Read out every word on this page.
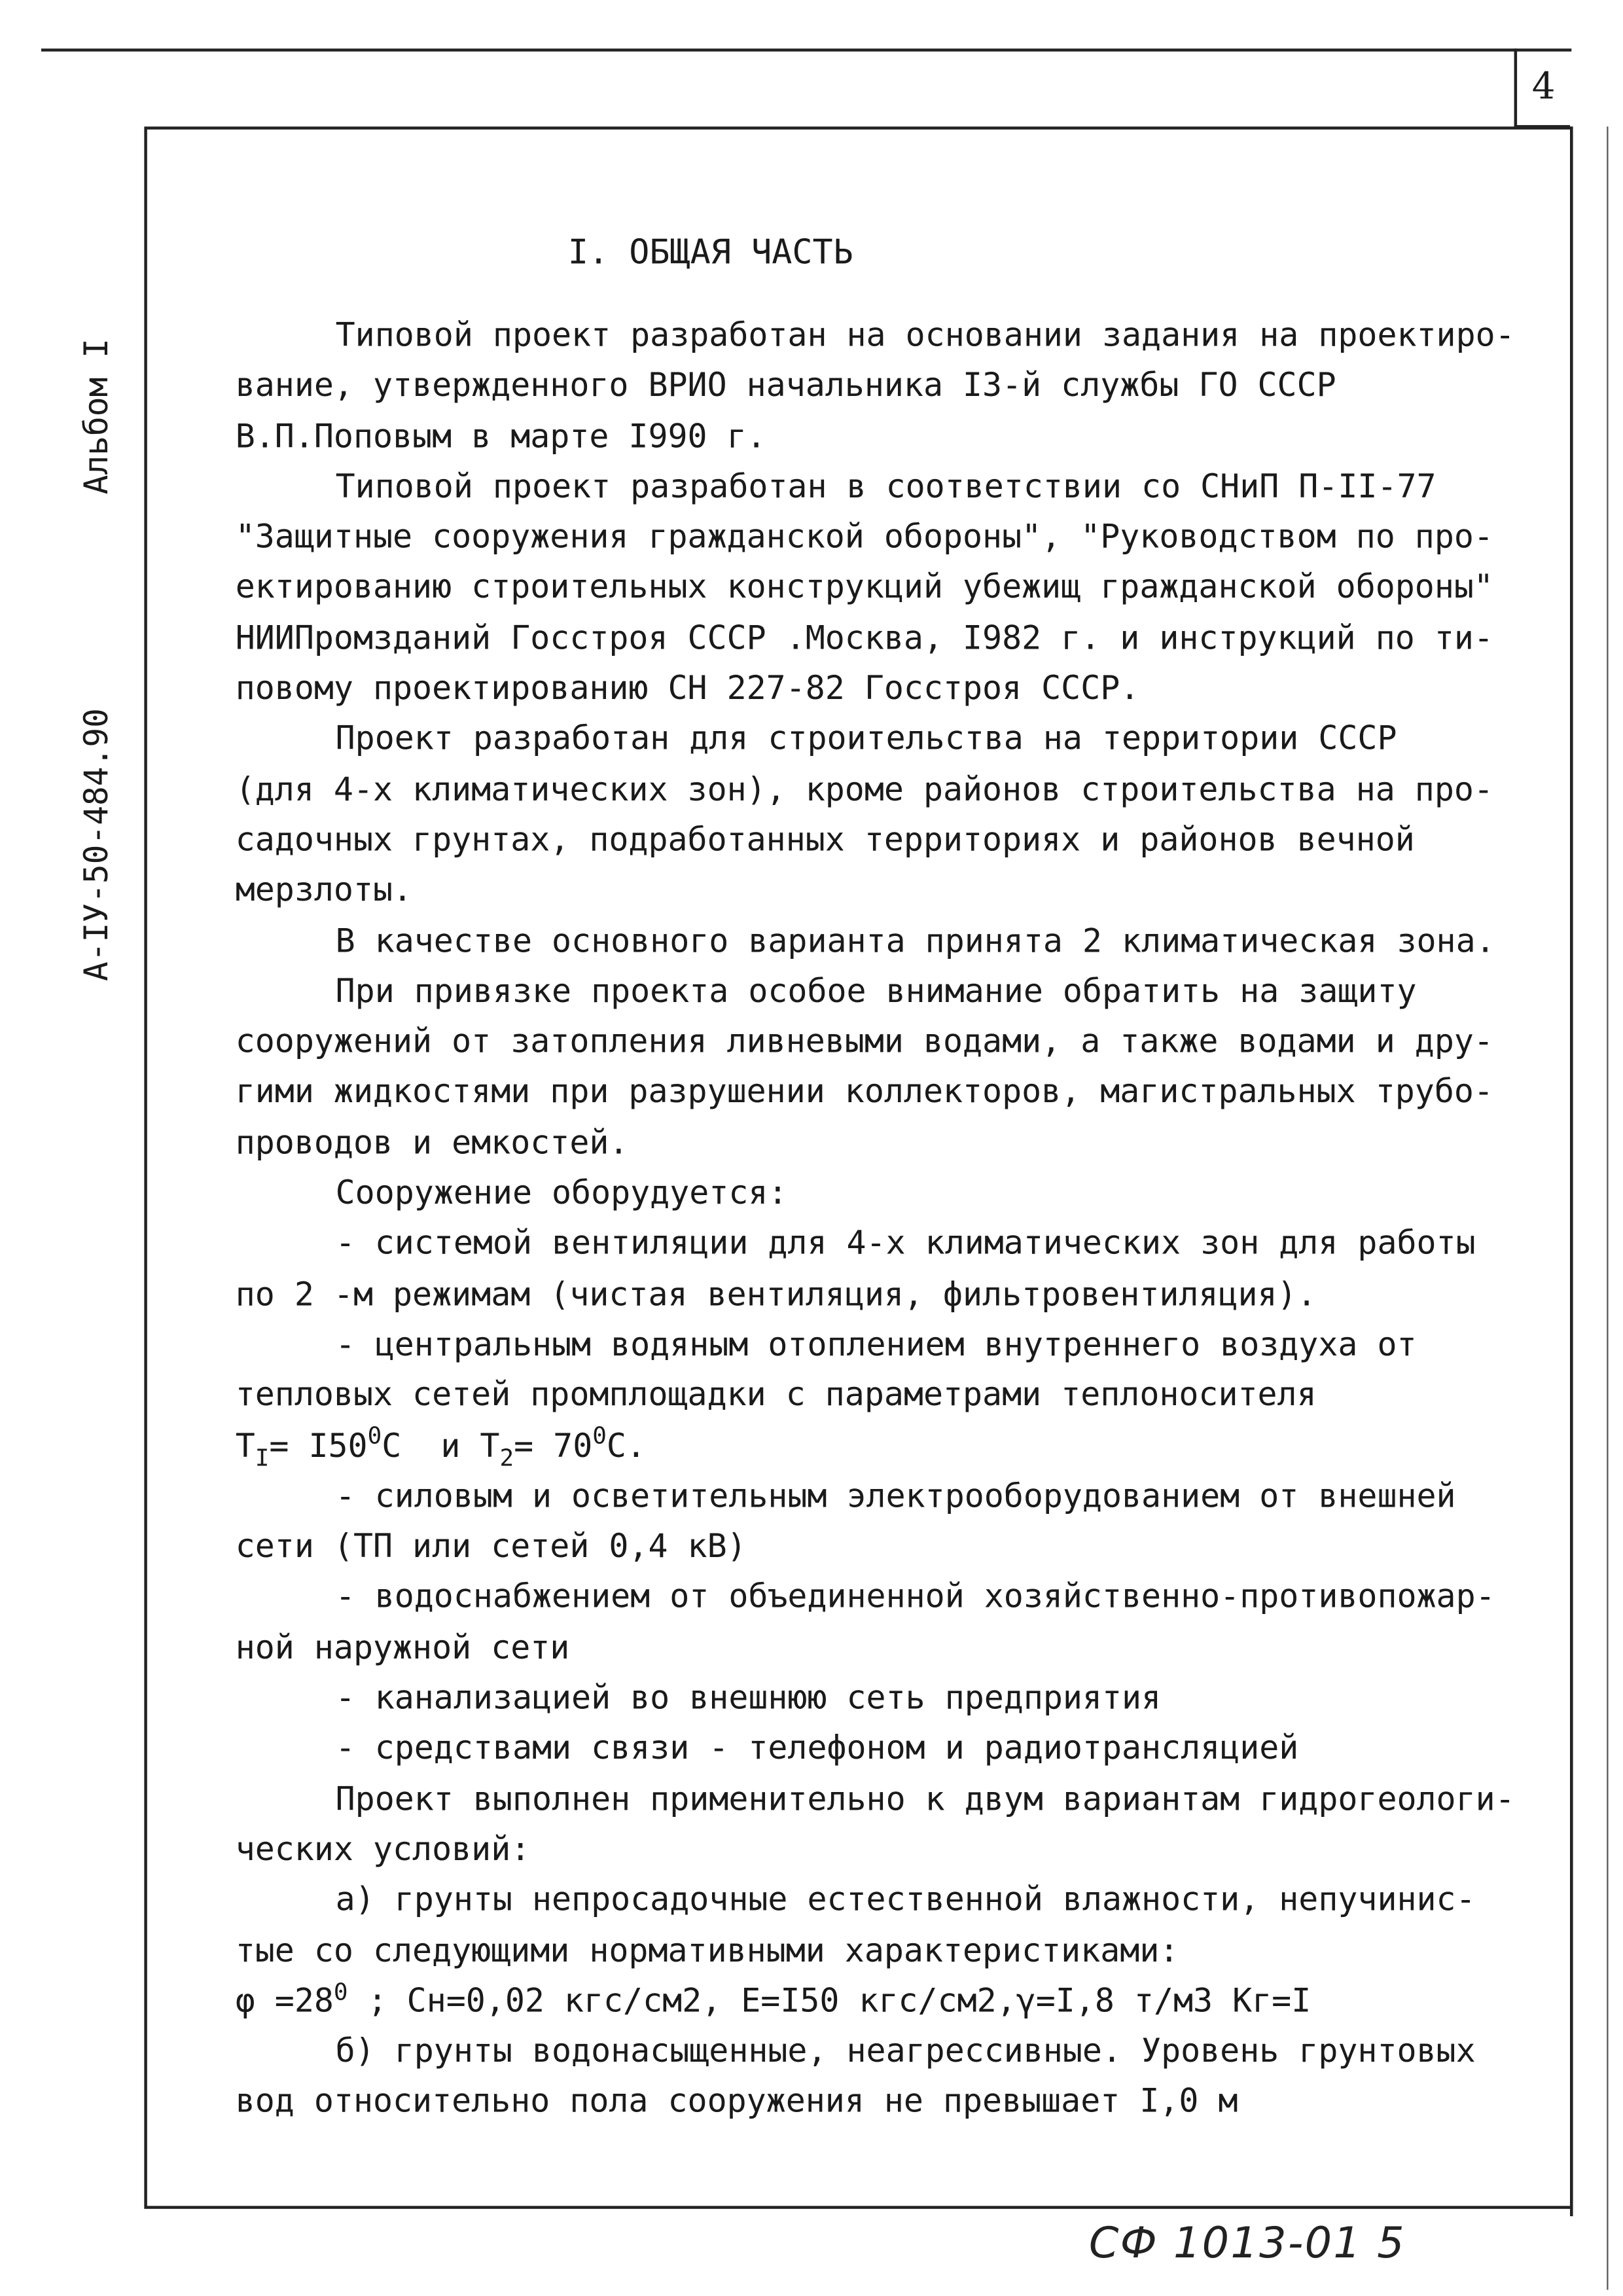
4
Альбом I
А-IУ-50-484.90
I. ОБЩАЯ ЧАСТЬ
Типовой проект разработан на основании задания на проектиро-
вание, утвержденного ВРИО начальника I3-й службы ГО СССР
В.П.Поповым в марте I990 г.
Типовой проект разработан в соответствии со СНиП П-II-77
"Защитные сооружения гражданской обороны", "Руководством по про-
ектированию строительных конструкций убежищ гражданской обороны"
НИИПромзданий Госстроя СССР .Москва, I982 г. и инструкций по ти-
повому проектированию СН 227-82 Госстроя СССР.
Проект разработан для строительства на территории СССР
(для 4-х климатических зон), кроме районов строительства на про-
садочных грунтах, подработанных территориях и районов вечной
мерзлоты.
В качестве основного варианта принята 2 климатическая зона.
При привязке проекта особое внимание обратить на защиту
сооружений от затопления ливневыми водами, а также водами и дру-
гими жидкостями при разрушении коллекторов, магистральных трубо-
проводов и емкостей.
Сооружение оборудуется:
- системой вентиляции для 4-х климатических зон для работы
по 2 -м режимам (чистая вентиляция, фильтровентиляция).
- центральным водяным отоплением внутреннего воздуха от
тепловых сетей промплощадки с параметрами теплоносителя
$T_I= I50^0C$	и $T_2= 70^0C$.
- силовым и осветительным электрооборудованием от внешней
сети (ТП или сетей 0,4 кВ)
- водоснабжением от объединенной хозяйственно-противопожар-
ной наружной сети
- канализацией во внешнюю сеть предприятия
- средствами связи - телефоном и радиотрансляцией
Проект выполнен применительно к двум вариантам гидрогеологи-
ческих условий:
а) грунты непросадочные естественной влажности, непучинис-
тые со следующими нормативными характеристиками:
$\varphi =28^0$ ; Сн=0,02 кгс/см2, Е=I50 кгс/см2,γ=I,8 т/м3 Кг=I
б) грунты водонасыщенные, неагрессивные. Уровень грунтовых
вод относительно пола сооружения не превышает I,0 м
СФ 1013-01 5
